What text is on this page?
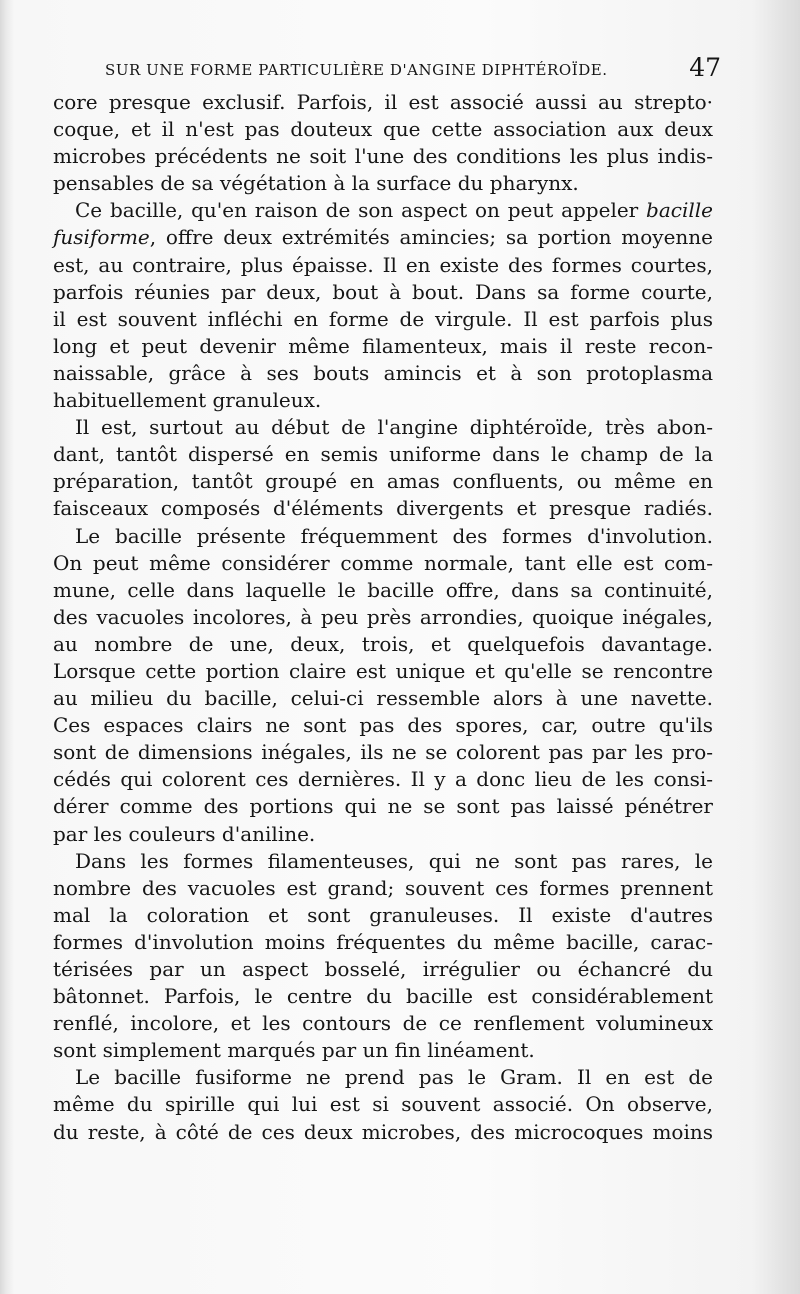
SUR UNE FORME PARTICULIÈRE D'ANGINE DIPHTÉROÏDE.	47
core presque exclusif. Parfois, il est associé aussi au strepto·
coque, et il n'est pas douteux que cette association aux deux
microbes précédents ne soit l'une des conditions les plus indis-
pensables de sa végétation à la surface du pharynx.
Ce bacille, qu'en raison de son aspect on peut appeler bacille
fusiforme, offre deux extrémités amincies; sa portion moyenne
est, au contraire, plus épaisse. Il en existe des formes courtes,
parfois réunies par deux, bout à bout. Dans sa forme courte,
il est souvent infléchi en forme de virgule. Il est parfois plus
long et peut devenir même filamenteux, mais il reste recon-
naissable, grâce à ses bouts amincis et à son protoplasma
habituellement granuleux.
Il est, surtout au début de l'angine diphtéroïde, très abon-
dant, tantôt dispersé en semis uniforme dans le champ de la
préparation, tantôt groupé en amas confluents, ou même en
faisceaux composés d'éléments divergents et presque radiés.
Le bacille présente fréquemment des formes d'involution.
On peut même considérer comme normale, tant elle est com-
mune, celle dans laquelle le bacille offre, dans sa continuité,
des vacuoles incolores, à peu près arrondies, quoique inégales,
au nombre de une, deux, trois, et quelquefois davantage.
Lorsque cette portion claire est unique et qu'elle se rencontre
au milieu du bacille, celui-ci ressemble alors à une navette.
Ces espaces clairs ne sont pas des spores, car, outre qu'ils
sont de dimensions inégales, ils ne se colorent pas par les pro-
cédés qui colorent ces dernières. Il y a donc lieu de les consi-
dérer comme des portions qui ne se sont pas laissé pénétrer
par les couleurs d'aniline.
Dans les formes filamenteuses, qui ne sont pas rares, le
nombre des vacuoles est grand; souvent ces formes prennent
mal la coloration et sont granuleuses. Il existe d'autres
formes d'involution moins fréquentes du même bacille, carac-
térisées par un aspect bosselé, irrégulier ou échancré du
bâtonnet. Parfois, le centre du bacille est considérablement
renflé, incolore, et les contours de ce renflement volumineux
sont simplement marqués par un fin linéament.
Le bacille fusiforme ne prend pas le Gram. Il en est de
même du spirille qui lui est si souvent associé. On observe,
du reste, à côté de ces deux microbes, des microcoques moins
